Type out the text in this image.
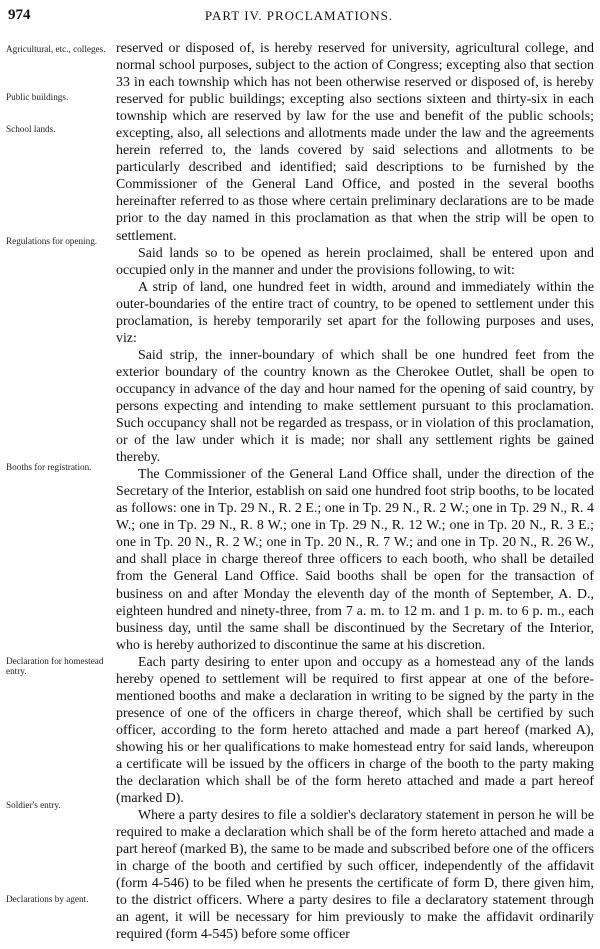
974	PART IV. PROCLAMATIONS.
Agricultural, etc., colleges.
Public buildings.
School lands.
Regulations for opening.
Booths for registration.
Declaration for homestead entry.
Soldier's entry.
Declarations by agent.

reserved or disposed of, is hereby reserved for university, agricultural college, and normal school purposes, subject to the action of Congress; excepting also that section 33 in each township which has not been otherwise reserved or disposed of, is hereby reserved for public buildings; excepting also sections sixteen and thirty-six in each township which are reserved by law for the use and benefit of the public schools; excepting, also, all selections and allotments made under the law and the agreements herein referred to, the lands covered by said selections and allotments to be particularly described and identified; said descriptions to be furnished by the Commissioner of the General Land Office, and posted in the several booths hereinafter referred to as those where certain preliminary declarations are to be made prior to the day named in this proclamation as that when the strip will be open to settlement.

Said lands so to be opened as herein proclaimed, shall be entered upon and occupied only in the manner and under the provisions following, to wit:

A strip of land, one hundred feet in width, around and immediately within the outer-boundaries of the entire tract of country, to be opened to settlement under this proclamation, is hereby temporarily set apart for the following purposes and uses, viz:

Said strip, the inner-boundary of which shall be one hundred feet from the exterior boundary of the country known as the Cherokee Outlet, shall be open to occupancy in advance of the day and hour named for the opening of said country, by persons expecting and intending to make settlement pursuant to this proclamation. Such occupancy shall not be regarded as trespass, or in violation of this proclamation, or of the law under which it is made; nor shall any settlement rights be gained thereby.

The Commissioner of the General Land Office shall, under the direction of the Secretary of the Interior, establish on said one hundred foot strip booths, to be located as follows: one in Tp. 29 N., R. 2 E.; one in Tp. 29 N., R. 2 W.; one in Tp. 29 N., R. 4 W.; one in Tp. 29 N., R. 8 W.; one in Tp. 29 N., R. 12 W.; one in Tp. 20 N., R. 3 E.; one in Tp. 20 N., R. 2 W.; one in Tp. 20 N., R. 7 W.; and one in Tp. 20 N., R. 26 W., and shall place in charge thereof three officers to each booth, who shall be detailed from the General Land Office. Said booths shall be open for the transaction of business on and after Monday the eleventh day of the month of September, A. D., eighteen hundred and ninety-three, from 7 a. m. to 12 m. and 1 p. m. to 6 p. m., each business day, until the same shall be discontinued by the Secretary of the Interior, who is hereby authorized to discontinue the same at his discretion.

Each party desiring to enter upon and occupy as a homestead any of the lands hereby opened to settlement will be required to first appear at one of the before-mentioned booths and make a declaration in writing to be signed by the party in the presence of one of the officers in charge thereof, which shall be certified by such officer, according to the form hereto attached and made a part hereof (marked A), showing his or her qualifications to make homestead entry for said lands, whereupon a certificate will be issued by the officers in charge of the booth to the party making the declaration which shall be of the form hereto attached and made a part hereof (marked D).

Where a party desires to file a soldier's declaratory statement in person he will be required to make a declaration which shall be of the form hereto attached and made a part hereof (marked B), the same to be made and subscribed before one of the officers in charge of the booth and certified by such officer, independently of the affidavit (form 4-546) to be filed when he presents the certificate of form D, there given him, to the district officers. Where a party desires to file a declaratory statement through an agent, it will be necessary for him previously to make the affidavit ordinarily required (form 4-545) before some officer
